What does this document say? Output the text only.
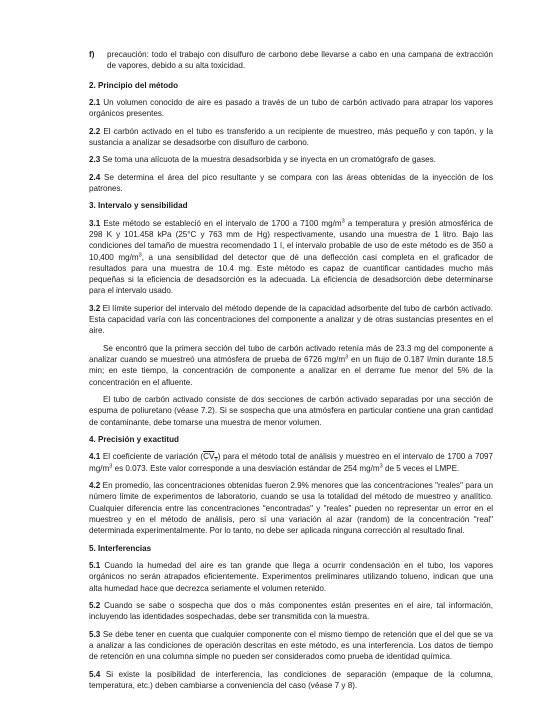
f)	precaución: todo el trabajo con disulfuro de carbono debe llevarse a cabo en una campana de extracción de vapores, debido a su alta toxicidad.
2. Principio del método

2.1 Un volumen conocido de aire es pasado a través de un tubo de carbón activado para atrapar los vapores orgánicos presentes.

2.2 El carbón activado en el tubo es transferido a un recipiente de muestreo, más pequeño y con tapón, y la sustancia a analizar se desadsorbe con disulfuro de carbono.

2.3 Se toma una alícuota de la muestra desadsorbida y se inyecta en un cromatógrafo de gases.

2.4 Se determina el área del pico resultante y se compara con las áreas obtenidas de la inyección de los patrones.

3. Intervalo y sensibilidad

3.1 Este método se estableció en el intervalo de 1700 a 7100 $mg/m^3$ a temperatura y presión atmosférica de 298 K y 101.458 kPa (25°C y 763 mm de Hg) respectivamente, usando una muestra de 1 litro. Bajo las condiciones del tamaño de muestra recomendado 1 l, el intervalo probable de uso de este método es de 350 a 10,400 $mg/m^3$, a una sensibilidad del detector que dé una deflección casi completa en el graficador de resultados para una muestra de 10.4 mg. Este método es capaz de cuantificar cantidades mucho más pequeñas si la eficiencia de desadsorción es la adecuada. La eficiencia de desadsorción debe determinarse para el intervalo usado.

3.2 El límite superior del intervalo del método depende de la capacidad adsorbente del tubo de carbón activado. Esta capacidad varía con las concentraciones del componente a analizar y de otras sustancias presentes en el aire.

Se encontró que la primera sección del tubo de carbón activado retenía más de 23.3 mg del componente a analizar cuando se muestreó una atmósfera de prueba de 6726 $mg/m^3$ en un flujo de 0.187 l/min durante 18.5 min; en este tiempo, la concentración de componente a analizar en el derrame fue menor del 5% de la concentración en el afluente.

El tubo de carbón activado consiste de dos secciones de carbón activado separadas por una sección de espuma de poliuretano (véase 7.2). Si se sospecha que una atmósfera en particular contiene una gran cantidad de contaminante, debe tomarse una muestra de menor volumen.

4. Precisión y exactitud

4.1 El coeficiente de variación $(CV_T)$ para el método total de análisis y muestreo en el intervalo de 1700 a 7097 $mg/m^3$ es 0.073. Este valor corresponde a una desviación estándar de 254 $mg/m^3$ de 5 veces el LMPE.

4.2 En promedio, las concentraciones obtenidas fueron 2.9% menores que las concentraciones "reales" para un número límite de experimentos de laboratorio, cuando se usa la totalidad del método de muestreo y analítico. Cualquier diferencia entre las concentraciones "encontradas" y "reales" pueden no representar un error en el muestreo y en el método de análisis, pero sí una variación al azar (random) de la concentración "real" determinada experimentalmente. Por lo tanto, no debe ser aplicada ninguna corrección al resultado final.

5. Interferencias

5.1 Cuando la humedad del aire es tan grande que llega a ocurrir condensación en el tubo, los vapores orgánicos no serán atrapados eficientemente. Experimentos preliminares utilizando tolueno, indican que una alta humedad hace que decrezca seriamente el volumen retenido.

5.2 Cuando se sabe o sospecha que dos o más componentes están presentes en el aire, tal información, incluyendo las identidades sospechadas, debe ser transmitida con la muestra.

5.3 Se debe tener en cuenta que cualquier componente con el mismo tiempo de retención que el del que se va a analizar a las condiciones de operación descritas en este método, es una interferencia. Los datos de tiempo de retención en una columna simple no pueden ser considerados como prueba de identidad química.

5.4 Si existe la posibilidad de interferencia, las condiciones de separación (empaque de la columna, temperatura, etc.) deben cambiarse a conveniencia del caso (véase 7 y 8).
